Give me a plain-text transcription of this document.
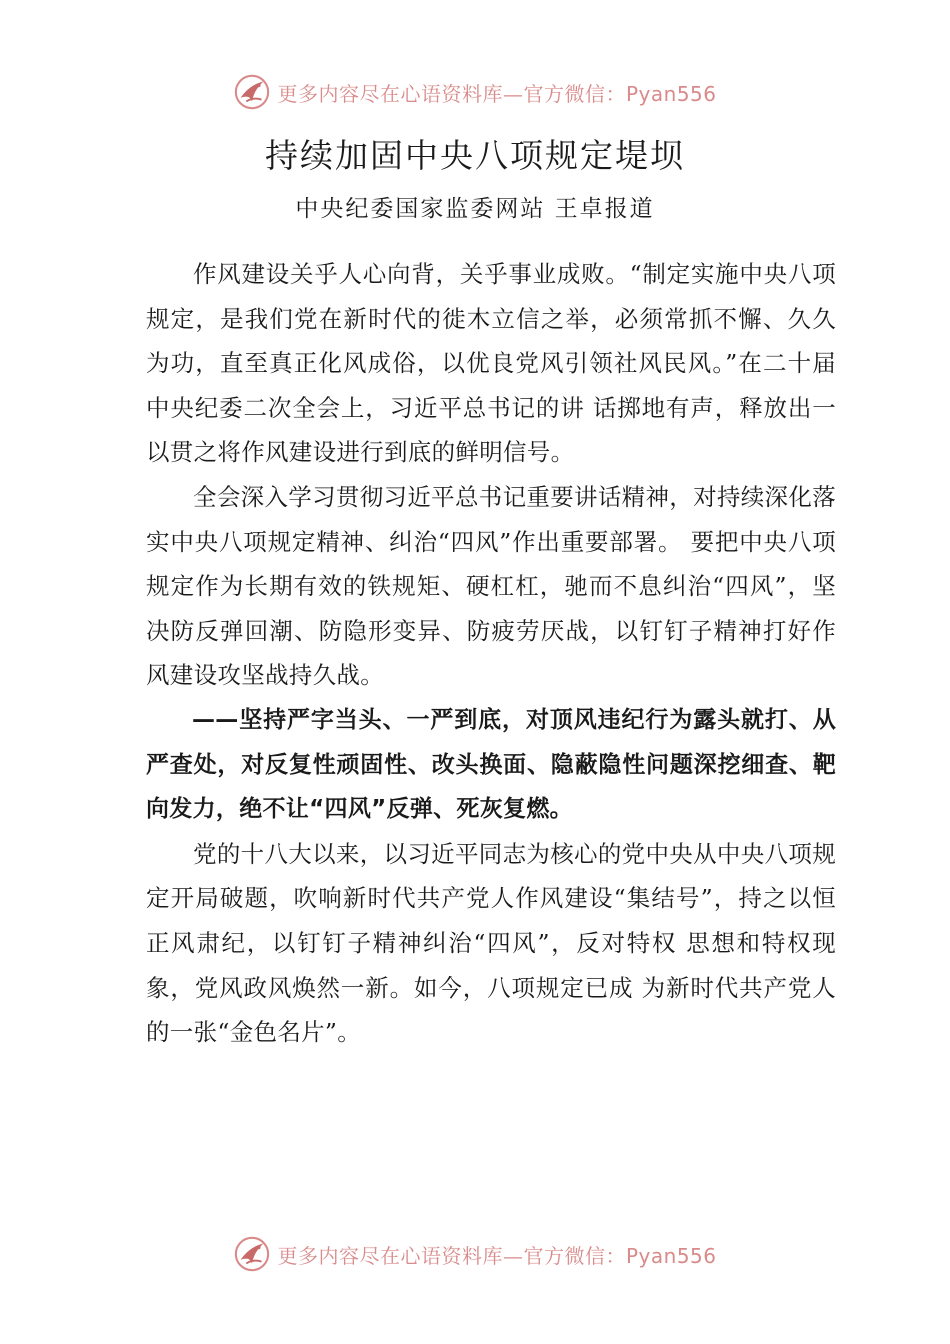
更多内容尽在心语资料库—官方微信：Pyan556
持续加固中央八项规定堤坝
中央纪委国家监委网站 王卓报道

作风建设关乎人心向背，关乎事业成败。“制定实施中央八项规定，是我们党在新时代的徙木立信之举，必须常抓不懈、久久为功，直至真正化风成俗，以优良党风引领社风民风。”在二十届中央纪委二次全会上，习近平总书记的讲 话掷地有声，释放出一以贯之将作风建设进行到底的鲜明信号。

全会深入学习贯彻习近平总书记重要讲话精神，对持续深化落实中央八项规定精神、纠治“四风”作出重要部署。 要把中央八项规定作为长期有效的铁规矩、硬杠杠，驰而不息纠治“四风”，坚决防反弹回潮、防隐形变异、防疲劳厌战，以钉钉子精神打好作风建设攻坚战持久战。

——坚持严字当头、一严到底，对顶风违纪行为露头就打、从严查处，对反复性顽固性、改头换面、隐蔽隐性问题深挖细查、靶向发力，绝不让“四风”反弹、死灰复燃。

党的十八大以来，以习近平同志为核心的党中央从中央八项规定开局破题，吹响新时代共产党人作风建设“集结号”，持之以恒正风肃纪，以钉钉子精神纠治“四风”，反对特权 思想和特权现象，党风政风焕然一新。如今，八项规定已成 为新时代共产党人的一张“金色名片”。

更多内容尽在心语资料库—官方微信：Pyan556
